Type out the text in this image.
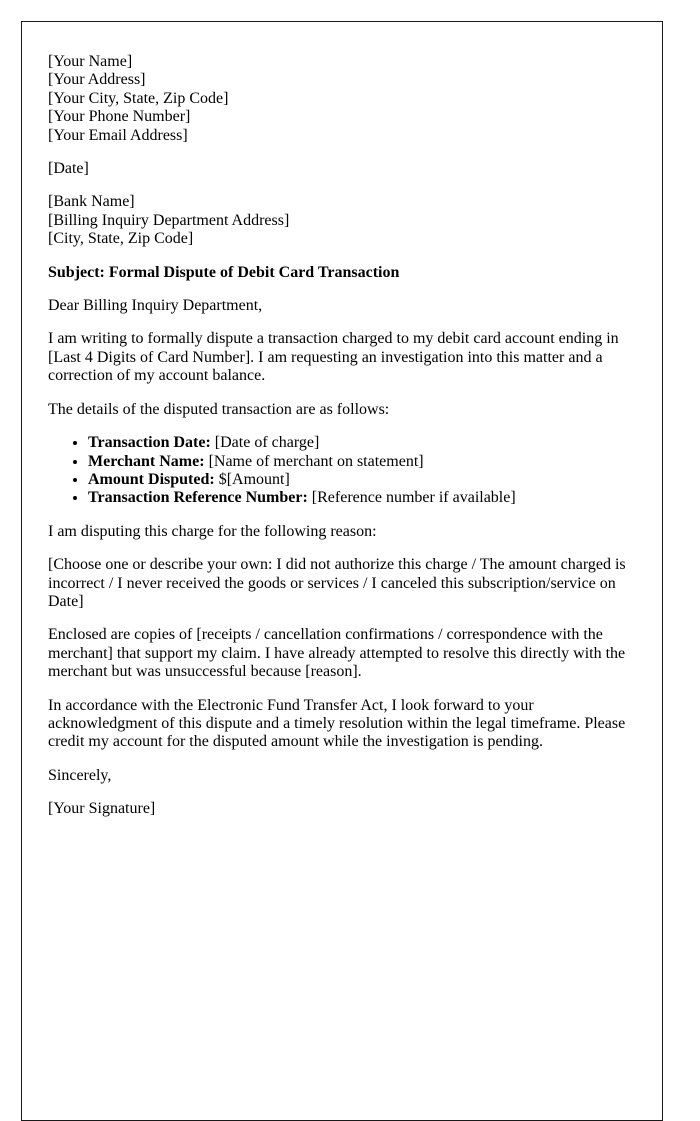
[Your Name]
[Your Address]
[Your City, State, Zip Code]
[Your Phone Number]
[Your Email Address]

[Date]

[Bank Name]
[Billing Inquiry Department Address]
[City, State, Zip Code]

Subject: Formal Dispute of Debit Card Transaction

Dear Billing Inquiry Department,

I am writing to formally dispute a transaction charged to my debit card account ending in [Last 4 Digits of Card Number]. I am requesting an investigation into this matter and a correction of my account balance.

The details of the disputed transaction are as follows:

• Transaction Date: [Date of charge]
• Merchant Name: [Name of merchant on statement]
• Amount Disputed: $[Amount]
• Transaction Reference Number: [Reference number if available]

I am disputing this charge for the following reason:

[Choose one or describe your own: I did not authorize this charge / The amount charged is incorrect / I never received the goods or services / I canceled this subscription/service on Date]

Enclosed are copies of [receipts / cancellation confirmations / correspondence with the merchant] that support my claim. I have already attempted to resolve this directly with the merchant but was unsuccessful because [reason].

In accordance with the Electronic Fund Transfer Act, I look forward to your acknowledgment of this dispute and a timely resolution within the legal timeframe. Please credit my account for the disputed amount while the investigation is pending.

Sincerely,

[Your Signature]
